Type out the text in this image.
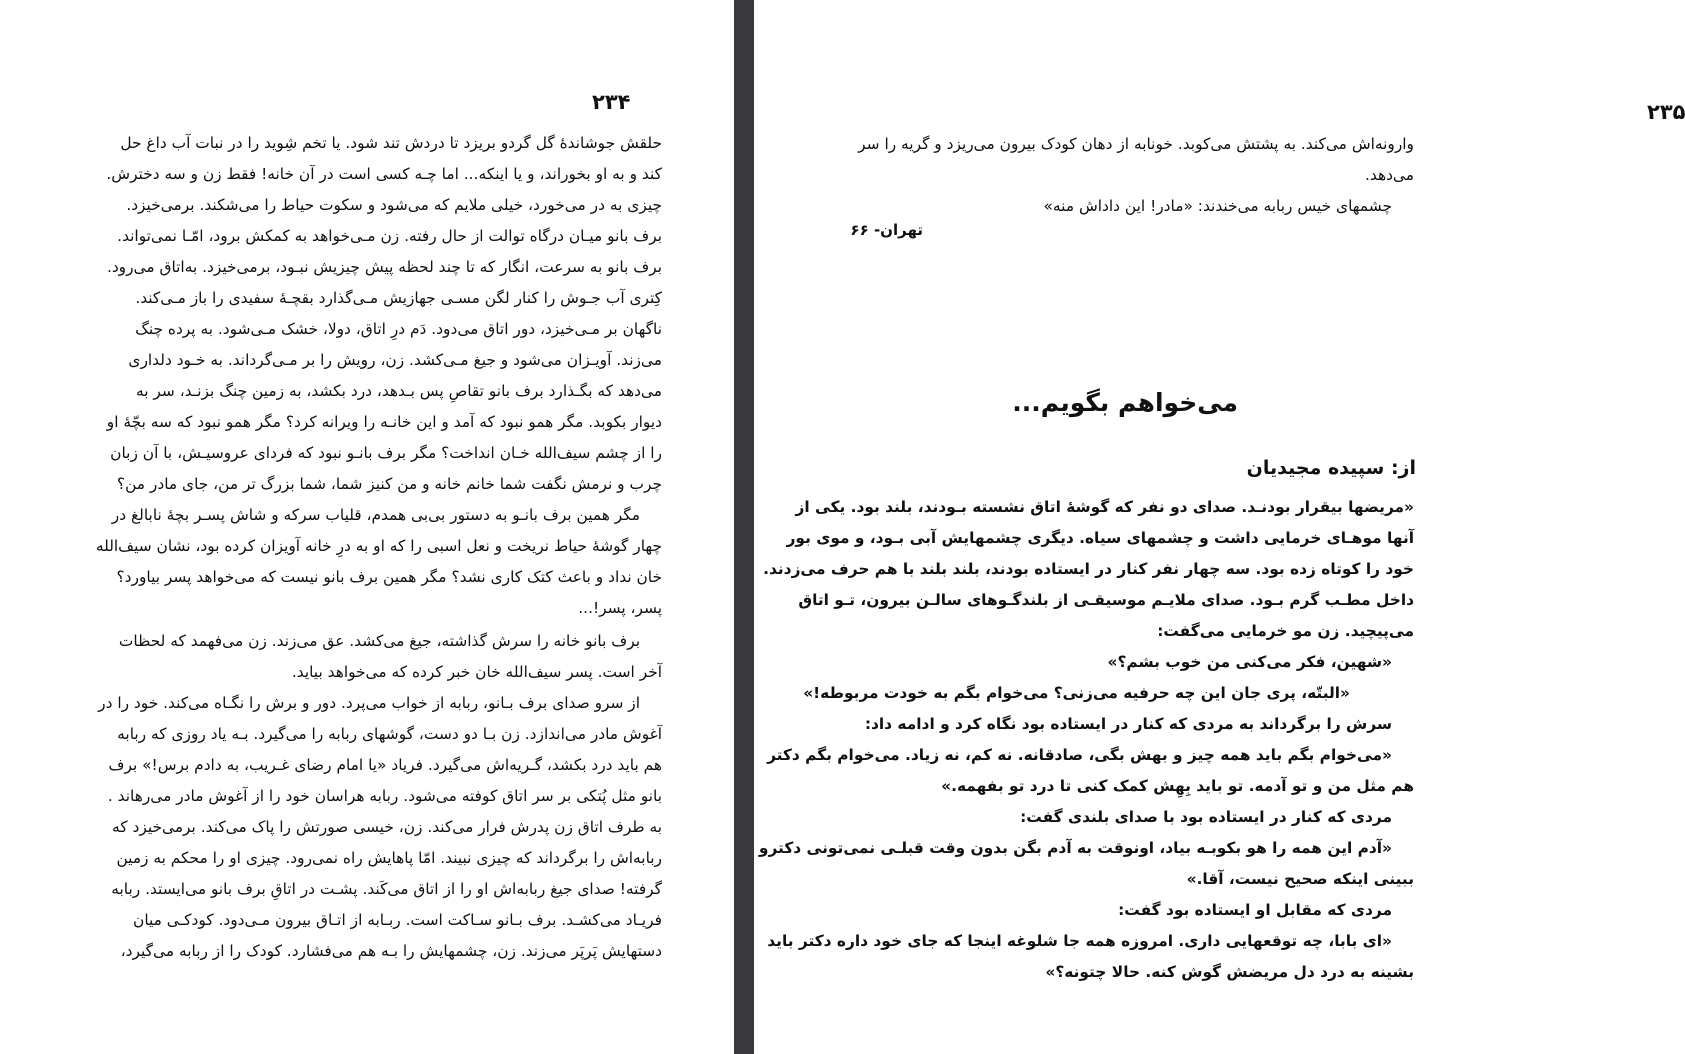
۲۳۴	۲۳۵

حلقش جوشاندهٔ گل گردو بریزد تا دردش تند شود. یا تخم شِوید را در نبات آب داغ حل
کند و به او بخوراند، و یا اینکه... اما چـه کسی است در آن خانه! فقط زن و سه دخترش.
چیزی به در می‌خورد، خیلی ملایم که می‌شو‌د و سکوت حیاط را می‌شکند. برمی‌خیزد.
برف بانو میـان درگاه توالت از حال رفته. زن مـی‌خواهد به کمکش برود، امّـا نمی‌تواند.
برف بانو به سرعت، انگار که تا چند لحظه پیش چیزیش نبـود، برمی‌خیزد. به‌اتاق می‌رود.
کِتری آب جـوش را کنار لگن مسـی جهازیش مـی‌گذارد بقچـهٔ سفیدی را باز مـی‌کند.
ناگهان بر مـی‌خیزد، دور اتاق می‌دود. دَم درِ اتاق، دولا، خشک مـی‌شود. به پرده چنگ
می‌زند. آویـزان می‌شود و جیغ مـی‌کشد. زن، رویش را بر مـی‌گرداند. به خـود دلداری
می‌دهد که بگـذارد برف بانو تقاصِ پس بـدهد، درد بکشد، به زمین چنگ بزنـد، سر به
دیوار بکوبد. مگر همو نبود که آمد و این خانـه را ویرانه کرد؟ مگر همو نبود که سه بچّهٔ او
را از چشم سیف‌الله خـان انداخت؟ مگر برف بانـو نبود که فردای عروسیـش، با آن زبان
چرب و نرمش نگفت شما خانم خانه و من کنیز شما، شما بزرگ تر من، جای مادر من؟
مگر همین برف بانـو به دستور بی‌بی همدم، قلیاب سرکه و شاش پسـر بچهٔ نابالغ در
چهار گوشهٔ حیاط نریخت و نعل اسبی را که او به درِ خانه آویزان کرده بود، نشان سیف‌الله
خان نداد و باعث کتک کاری نشد؟ مگر همین برف بانو نیست که می‌خواهد پسر بیاورد؟
پسر، پسر!...
برف بانو خانه را سرش گذاشته، جیغ می‌کشد. عق می‌زند. زن می‌فهمد که لحظات
آخر است. پسر سیف‌الله خان خبر کرده که می‌خواهد بیاید.
از سرو صدای برف بـانو، ربابه از خواب می‌پرد. دور و برش را نگـاه می‌کند. خود را در
آغوش مادر می‌اندازد. زن بـا دو دست، گوشهای ربابه را می‌گیرد. بـه یاد روزی که ربابه
هم باید درد بکشد، گـریه‌اش می‌گیرد. فریاد «یا امام رضای غـریب، به دادم برس!» برف
بانو مثل پُتکی بر سر اتاق کوفته می‌شود. ربابه هراسان خود را از آغوش مادر می‌رهاند .
به طرف اتاق زن پدرش فرار می‌کند. زن، خیسی صورتش را پاک می‌کند. برمی‌خیزد که
ربابه‌اش را برگرداند که چیزی نبیند. امّا پاهایش راه نمی‌رود. چیزی او را محکم به زمین
گرفته! صدای جیغ ربابه‌اش او را از اتاق می‌کَند. پشـت در اتاقِ برف بانو می‌ایستد. ربابه
فریـاد می‌کشـد. برف بـانو سـاکت است. ربـابه از اتـاق بیرون مـی‌دود. کودکـی میان
دستهایش پَرپَر می‌زند. زن، چشمهایش را بـه هم می‌فشارد. کودک را از ربابه می‌گیرد،
وارونه‌اش می‌کند. به پشتش می‌کوبد. خونابه از دهان کودک بیرون می‌ریزد و گریه را سر
می‌دهد.
چشمهای خیس ربابه می‌خندند: «مادر! این داداش منه»
تهران- ۶۶
می‌خواهم بگویم...
از: سپیده مجیدیان
«مریضها بیقرار بودنـد. صدای دو نفر که گوشهٔ اتاق نشسته بـودند، بلند بود. یکی از
آنها موهـای خرمایی داشت و چشمهای سیاه. دیگری چشمهایش آبی بـود، و موی بور
خود را کوتاه زده بود. سه چهار نفر کنار در ایستاده بودند، بلند بلند با هم حرف می‌زدند.
داخل مطـب گرم بـود. صدای ملایـم موسیقـی از بلندگـوهای سالـن بیرون، تـو اتاق
می‌پیچید. زن مو خرمایی می‌گفت:
«شهین، فکر می‌کنی من خوب بشم؟»
«البتّه، پری جان این چه حرفیه می‌زنی؟ می‌خوام بگم به خودت مربوطه!»
سرش را برگرداند به مردی که کنار در ایستاده بود نگاه کرد و ادامه داد:
«می‌خوام بگم باید همه چیز و بهش بگی، صادقانه. نه کم، نه زیاد. می‌خوام بگم دکتر
هم مثل من و تو آدمه. تو باید بِهِش کمک کنی تا درد تو بفهمه.»
مردی که کنار در ایستاده بود با صدای بلندی گفت:
«آدم این همه را هو بکوبـه بیاد، اونوقت به آدم بگن بدون وقت قبلـی نمی‌تونی دکترو
ببینی اینکه صحیح نیست، آقا.»
مردی که مقابل او ایستاده بود گفت:
«ای بابا، چه توقعهایی داری. امروزه همه جا شلوغه اینجا که جای خود داره دکتر باید
بشینه به درد دل مریضش گوش کنه. حالا چتونه؟»
